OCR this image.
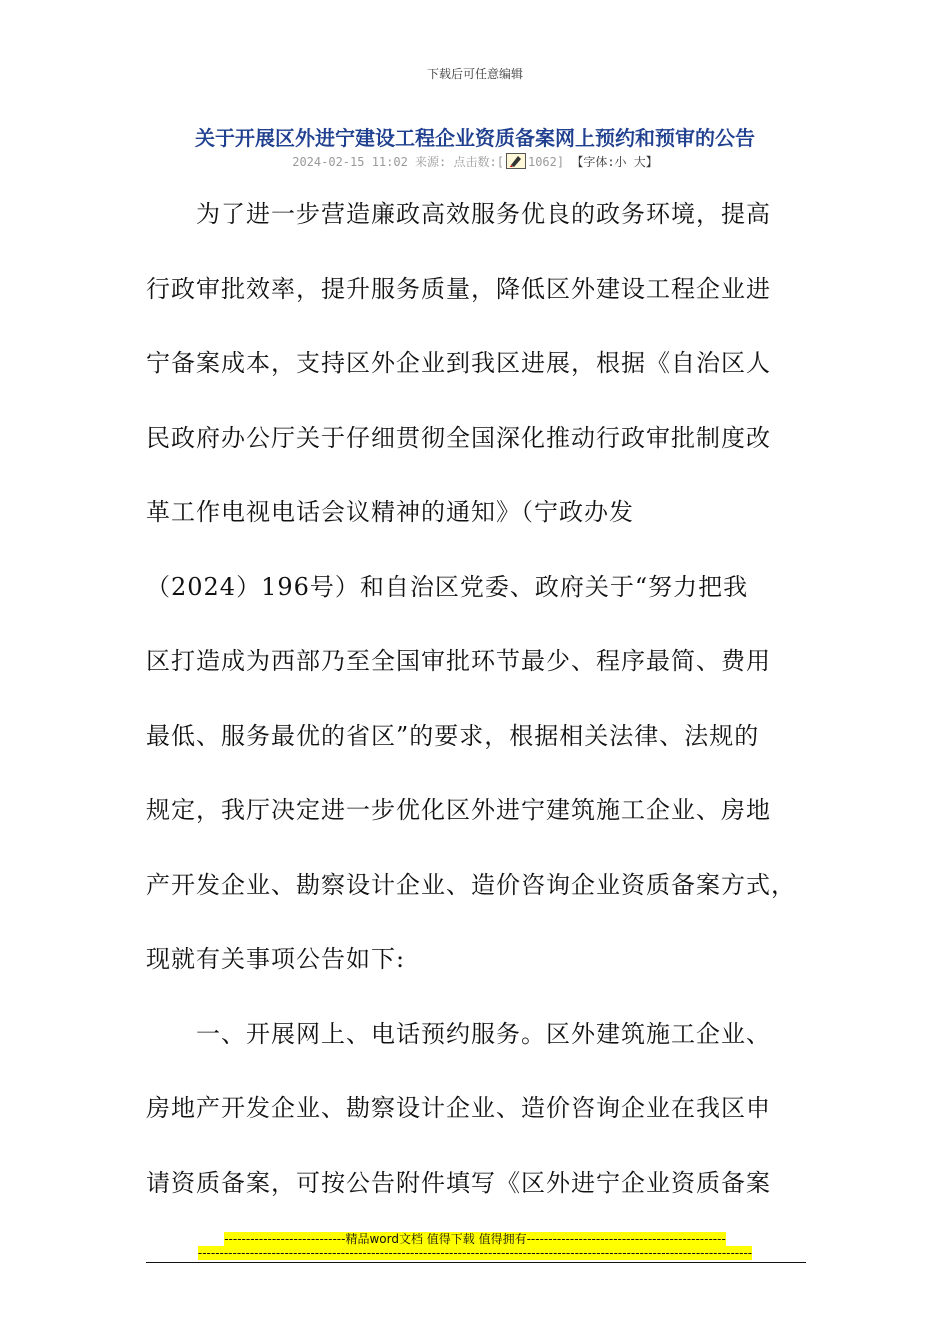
下载后可任意编辑
关于开展区外进宁建设工程企业资质备案网上预约和预审的公告
2024-02-15 11:02 来源: 点击数:[ 1062] 【字体:小 大】
　　为了进一步营造廉政高效服务优良的政务环境，提高
行政审批效率，提升服务质量，降低区外建设工程企业进
宁备案成本，支持区外企业到我区进展，根据《自治区人
民政府办公厅关于仔细贯彻全国深化推动行政审批制度改
革工作电视电话会议精神的通知》（宁政办发
（2024）196号）和自治区党委、政府关于“努力把我
区打造成为西部乃至全国审批环节最少、程序最简、费用
最低、服务最优的省区”的要求，根据相关法律、法规的
规定，我厅决定进一步优化区外进宁建筑施工企业、房地
产开发企业、勘察设计企业、造价咨询企业资质备案方式，
现就有关事项公告如下:
　　一、开展网上、电话预约服务。区外建筑施工企业、
房地产开发企业、勘察设计企业、造价咨询企业在我区申
请资质备案，可按公告附件填写《区外进宁企业资质备案
----------------------------精品word文档 值得下载 值得拥有----------------------------------------------
--------------------------------------------------------------------------------------------------------------------------------
